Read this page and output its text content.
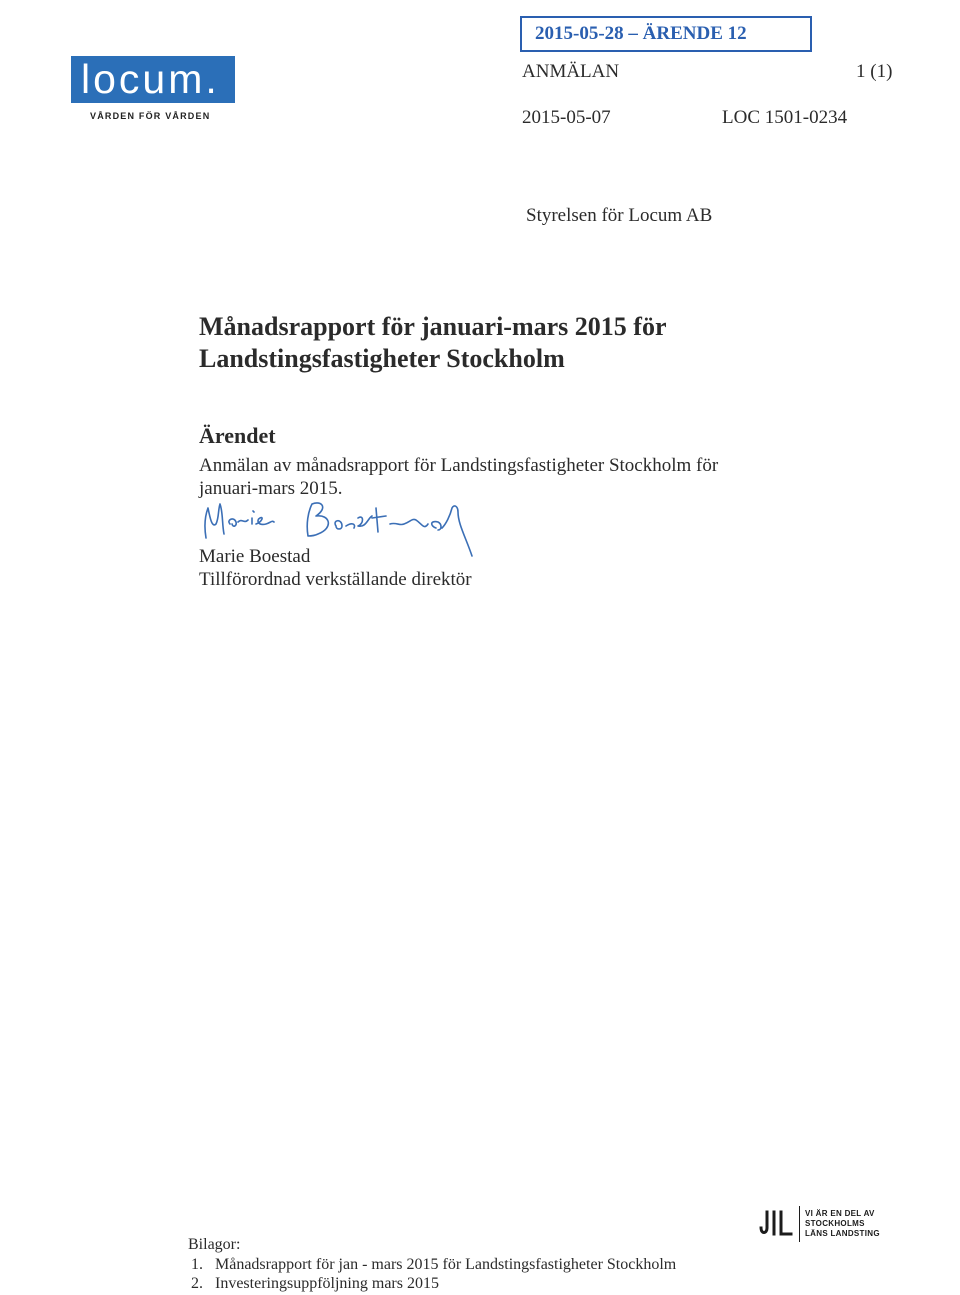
locum.
VÅRDEN FÖR VÅRDEN
2015-05-28 – ÄRENDE 12
ANMÄLAN	1 (1)
2015-05-07	LOC 1501-0234
Styrelsen för Locum AB
Månadsrapport för januari-mars 2015 för Landstingsfastigheter Stockholm
Ärendet
Anmälan av månadsrapport för Landstingsfastigheter Stockholm för januari-mars 2015.
Marie Boestad
Tillförordnad verkställande direktör
VI ÄR EN DEL AV
STOCKHOLMS
LÄNS LANDSTING
Bilagor:
1. Månadsrapport för jan - mars 2015 för Landstingsfastigheter Stockholm
2. Investeringsuppföljning mars 2015
